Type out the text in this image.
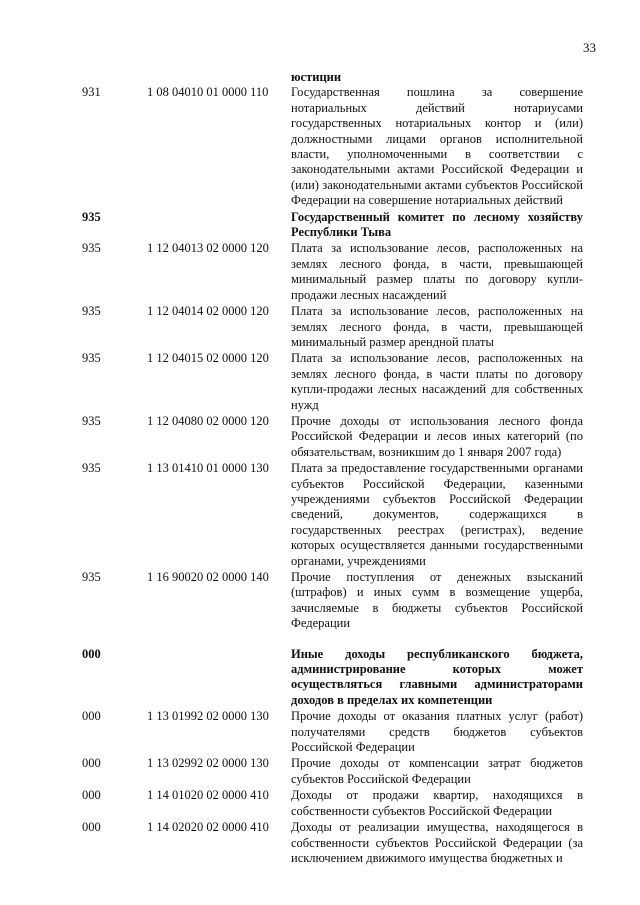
33
юстиции
931	1 08 04010 01 0000 110 Государственная пошлина за совершение нотариальных действий нотариусами государственных нотариальных контор и (или) должностными лицами органов исполнительной власти, уполномоченными в соответствии с законодательными актами Российской Федерации и (или) законодательными актами субъектов Российской Федерации на совершение нотариальных действий
935	Государственный комитет по лесному хозяйству Республики Тыва
935	1 12 04013 02 0000 120 Плата за использование лесов, расположенных на землях лесного фонда, в части, превышающей минимальный размер платы по договору купли-продажи лесных насаждений
935	1 12 04014 02 0000 120 Плата за использование лесов, расположенных на землях лесного фонда, в части, превышающей минимальный размер арендной платы
935	1 12 04015 02 0000 120 Плата за использование лесов, расположенных на землях лесного фонда, в части платы по договору купли-продажи лесных насаждений для собственных нужд
935	1 12 04080 02 0000 120 Прочие доходы от использования лесного фонда Российской Федерации и лесов иных категорий (по обязательствам, возникшим до 1 января 2007 года)
935	1 13 01410 01 0000 130 Плата за предоставление государственными органами субъектов Российской Федерации, казенными учреждениями субъектов Российской Федерации сведений, документов, содержащихся в государственных реестрах (регистрах), ведение которых осуществляется данными государственными органами, учреждениями
935	1 16 90020 02 0000 140 Прочие поступления от денежных взысканий (штрафов) и иных сумм в возмещение ущерба, зачисляемые в бюджеты субъектов Российской Федерации
000	Иные доходы республиканского бюджета, администрирование которых может осуществляться главными администраторами доходов в пределах их компетенции
000	1 13 01992 02 0000 130 Прочие доходы от оказания платных услуг (работ) получателями средств бюджетов субъектов Российской Федерации
000	1 13 02992 02 0000 130 Прочие доходы от компенсации затрат бюджетов субъектов Российской Федерации
000	1 14 01020 02 0000 410 Доходы от продажи квартир, находящихся в собственности субъектов Российской Федерации
000	1 14 02020 02 0000 410 Доходы от реализации имущества, находящегося в собственности субъектов Российской Федерации (за исключением движимого имущества бюджетных и
